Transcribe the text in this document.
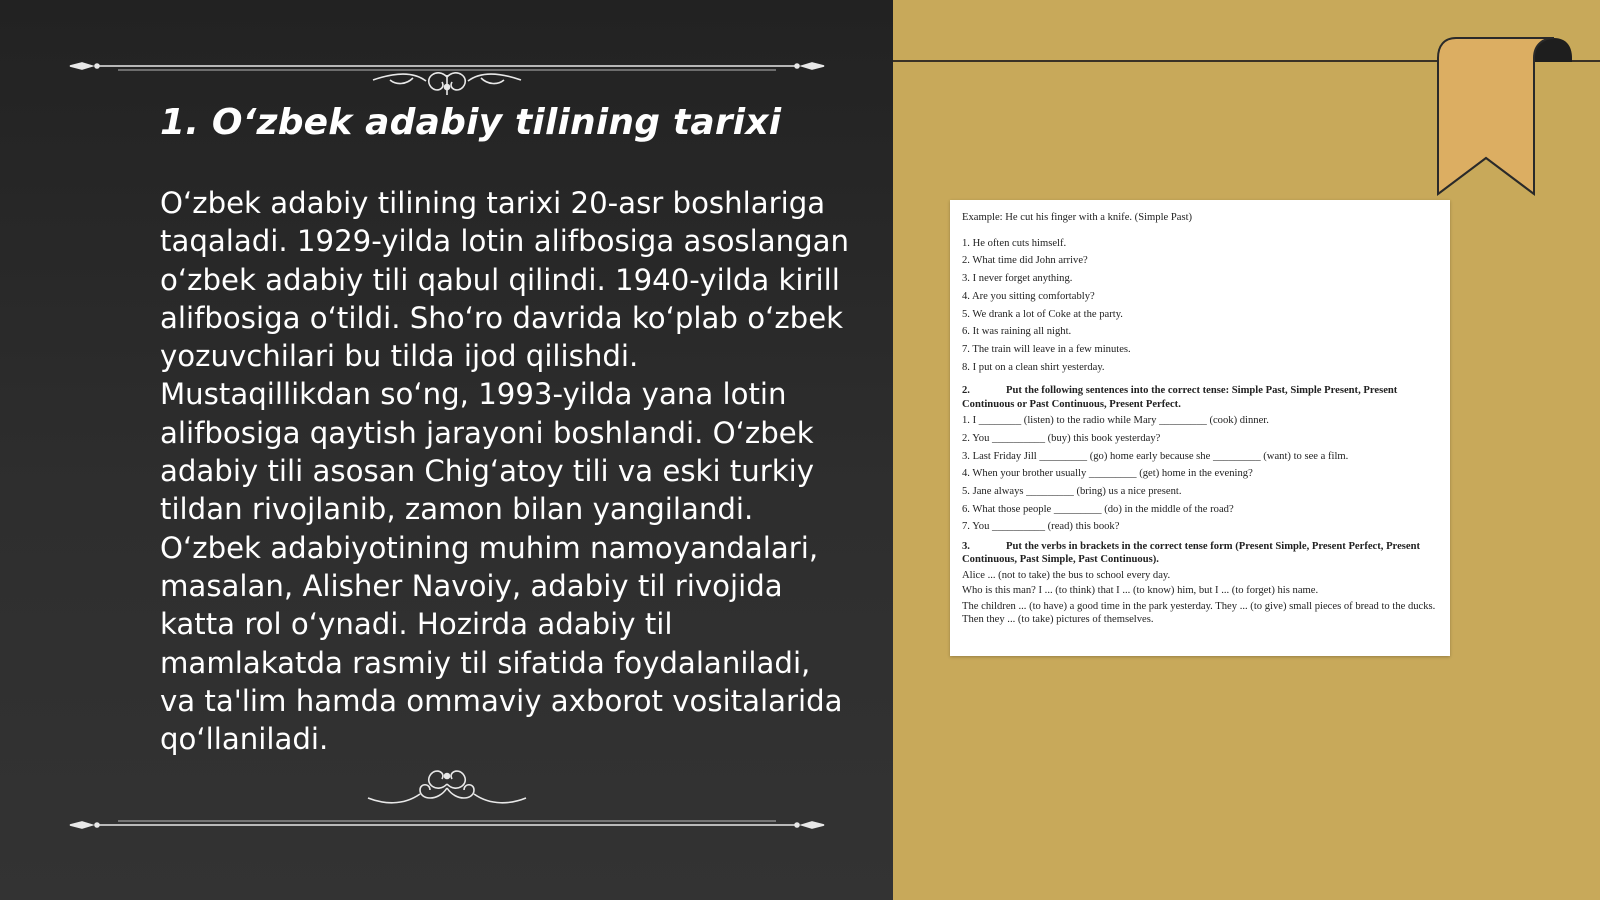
1. O‘zbek adabiy tilining tarixi

O‘zbek adabiy tilining tarixi 20-asr boshlariga taqaladi. 1929-yilda lotin alifbosiga asoslangan o‘zbek adabiy tili qabul qilindi. 1940-yilda kirill alifbosiga o‘tildi. Sho‘ro davrida ko‘plab o‘zbek yozuvchilari bu tilda ijod qilishdi. Mustaqillikdan so‘ng, 1993-yilda yana lotin alifbosiga qaytish jarayoni boshlandi. O‘zbek adabiy tili asosan Chig‘atoy tili va eski turkiy tildan rivojlanib, zamon bilan yangilandi. O‘zbek adabiyotining muhim namoyandalari, masalan, Alisher Navoiy, adabiy til rivojida katta rol o‘ynadi. Hozirda adabiy til mamlakatda rasmiy til sifatida foydalaniladi, va ta'lim hamda ommaviy axborot vositalarida qo‘llaniladi.

Example: He cut his finger with a knife. (Simple Past)

1. He often cuts himself.

2. What time did John arrive?

3. I never forget anything.

4. Are you sitting comfortably?

5. We drank a lot of Coke at the party.

6. It was raining all night.

7. The train will leave in a few minutes.

8. I put on a clean shirt yesterday.

2.	Put the following sentences into the correct tense: Simple Past, Simple Present, Present Continuous or Past Continuous, Present Perfect.

1. I ________ (listen) to the radio while Mary _________ (cook) dinner.

2. You __________ (buy) this book yesterday?

3. Last Friday Jill _________ (go) home early because she _________ (want) to see a film.

4. When your brother usually _________ (get) home in the evening?

5. Jane always _________ (bring) us a nice present.

6. What those people _________ (do) in the middle of the road?

7. You __________ (read) this book?

3.	Put the verbs in brackets in the correct tense form (Present Simple, Present Perfect, Present Continuous, Past Simple, Past Continuous).

Alice ... (not to take) the bus to school every day.

Who is this man? I ... (to think) that I ... (to know) him, but I ... (to forget) his name.

The children ... (to have) a good time in the park yesterday. They ... (to give) small pieces of bread to the ducks. Then they ... (to take) pictures of themselves.
